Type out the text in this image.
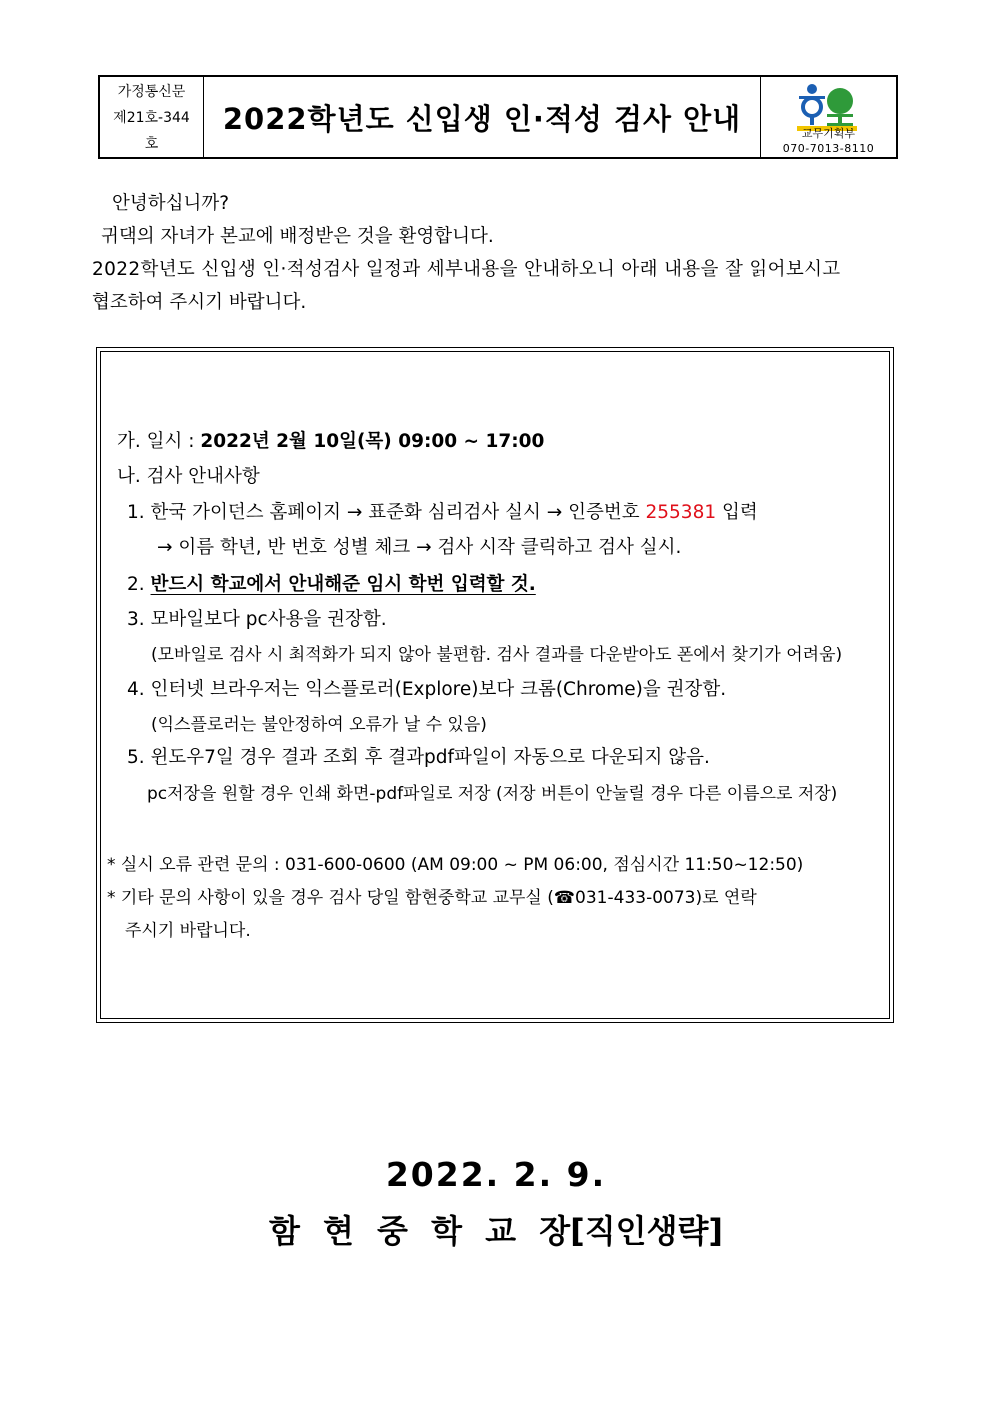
가정통신문
제21호-344
호
2022학년도 신입생 인·적성 검사 안내	교무기획부
070-7013-8110

안녕하십니까?

귀댁의 자녀가 본교에 배정받은 것을 환영합니다.

2022학년도 신입생 인·적성검사 일정과 세부내용을 안내하오니 아래 내용을 잘 읽어보시고

협조하여 주시기 바랍니다.

가. 일시 : 2022년 2월 10일(목) 09:00 ~ 17:00
나. 검사 안내사항
1. 한국 가이던스 홈페이지 → 표준화 심리검사 실시 → 인증번호 255381 입력
→ 이름 학년, 반 번호 성별 체크 → 검사 시작 클릭하고 검사 실시.
2. 반드시 학교에서 안내해준 임시 학번 입력할 것.
3. 모바일보다 pc사용을 권장함.
(모바일로 검사 시 최적화가 되지 않아 불편함. 검사 결과를 다운받아도 폰에서 찾기가 어려움)
4. 인터넷 브라우저는 익스플로러(Explore)보다 크롬(Chrome)을 권장함.
(익스플로러는 불안정하여 오류가 날 수 있음)
5. 윈도우7일 경우 결과 조회 후 결과pdf파일이 자동으로 다운되지 않음.
pc저장을 원할 경우 인쇄 화면-pdf파일로 저장 (저장 버튼이 안눌릴 경우 다른 이름으로 저장)
* 실시 오류 관련 문의 : 031-600-0600 (AM 09:00 ~ PM 06:00, 점심시간 11:50~12:50)
* 기타 문의 사항이 있을 경우 검사 당일 함현중학교 교무실 (☎031-433-0073)로 연락
주시기 바랍니다.
2022. 2. 9.
함 현 중 학 교 장[직인생략]
